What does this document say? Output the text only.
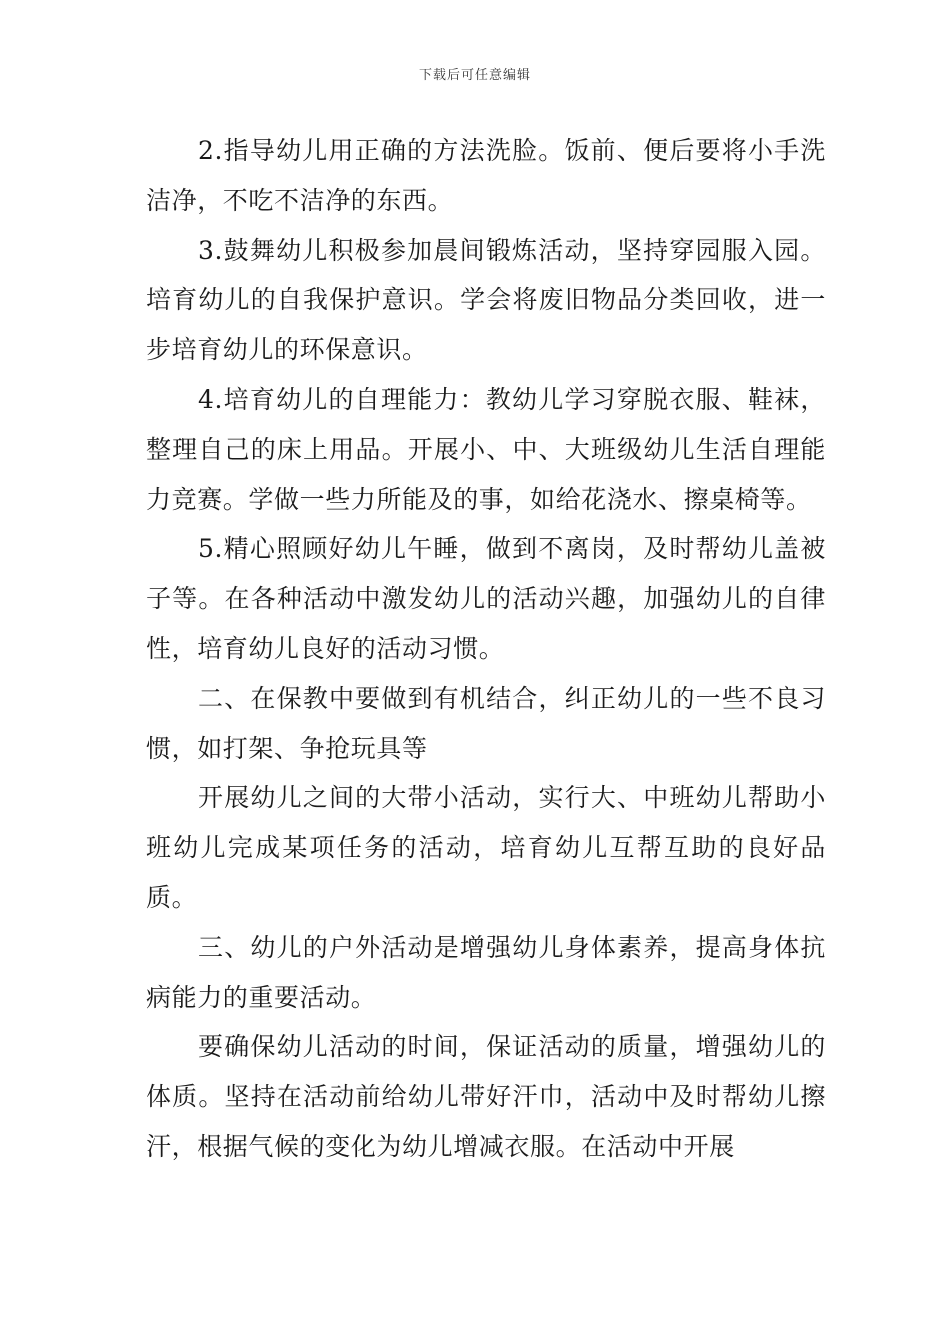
下载后可任意编辑

2.指导幼儿用正确的方法洗脸。饭前、便后要将小手洗洁净，不吃不洁净的东西。

3.鼓舞幼儿积极参加晨间锻炼活动，坚持穿园服入园。培育幼儿的自我保护意识。学会将废旧物品分类回收，进一步培育幼儿的环保意识。

4.培育幼儿的自理能力：教幼儿学习穿脱衣服、鞋袜，整理自己的床上用品。开展小、中、大班级幼儿生活自理能力竞赛。学做一些力所能及的事，如给花浇水、擦桌椅等。

5.精心照顾好幼儿午睡，做到不离岗，及时帮幼儿盖被子等。在各种活动中激发幼儿的活动兴趣，加强幼儿的自律性，培育幼儿良好的活动习惯。

二、在保教中要做到有机结合，纠正幼儿的一些不良习惯，如打架、争抢玩具等

开展幼儿之间的大带小活动，实行大、中班幼儿帮助小班幼儿完成某项任务的活动，培育幼儿互帮互助的良好品质。

三、幼儿的户外活动是增强幼儿身体素养，提高身体抗病能力的重要活动。

要确保幼儿活动的时间，保证活动的质量，增强幼儿的体质。坚持在活动前给幼儿带好汗巾，活动中及时帮幼儿擦汗，根据气候的变化为幼儿增减衣服。在活动中开展
